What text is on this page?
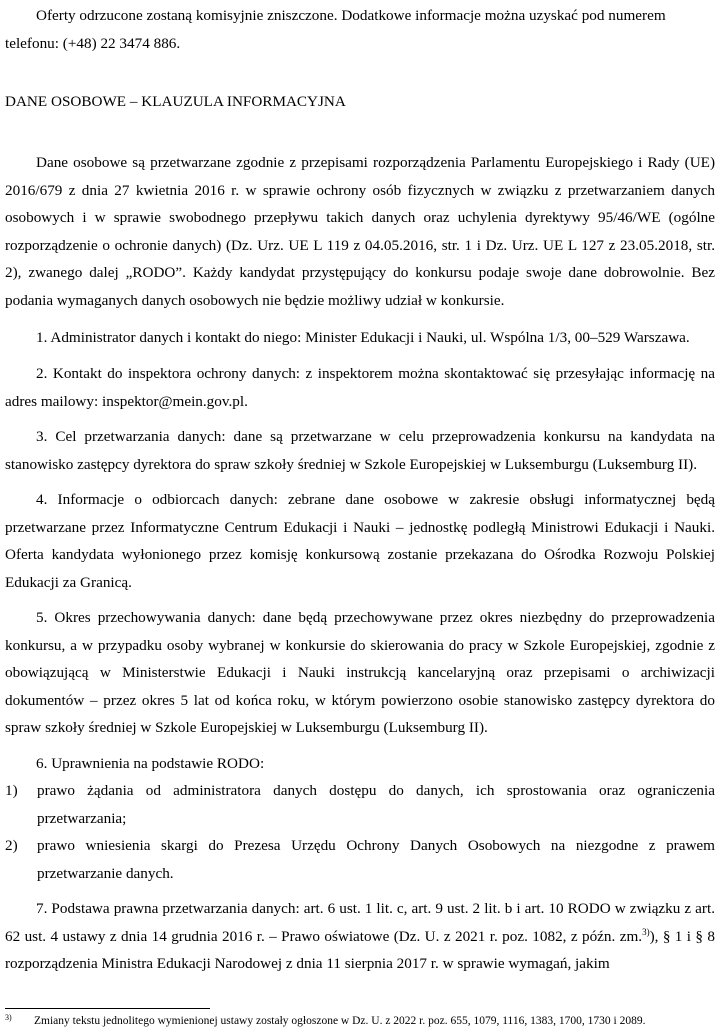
Oferty odrzucone zostaną komisyjnie zniszczone. Dodatkowe informacje można uzyskać pod numerem

telefonu: (+48) 22 3474 886.

DANE OSOBOWE – KLAUZULA INFORMACYJNA

Dane osobowe są przetwarzane zgodnie z przepisami rozporządzenia Parlamentu Europejskiego i Rady (UE) 2016/679 z dnia 27 kwietnia 2016 r. w sprawie ochrony osób fizycznych w związku z przetwarzaniem danych osobowych i w sprawie swobodnego przepływu takich danych oraz uchylenia dyrektywy 95/46/WE (ogólne rozporządzenie o ochronie danych) (Dz. Urz. UE L 119 z 04.05.2016, str. 1 i Dz. Urz. UE L 127 z 23.05.2018, str. 2), zwanego dalej „RODO”. Każdy kandydat przystępujący do konkursu podaje swoje dane dobrowolnie. Bez podania wymaganych danych osobowych nie będzie możliwy udział w konkursie.

1. Administrator danych i kontakt do niego: Minister Edukacji i Nauki, ul. Wspólna 1/3, 00–529 Warszawa.

2. Kontakt do inspektora ochrony danych: z inspektorem można skontaktować się przesyłając informację na adres mailowy: inspektor@mein.gov.pl.

3. Cel przetwarzania danych: dane są przetwarzane w celu przeprowadzenia konkursu na kandydata na stanowisko zastępcy dyrektora do spraw szkoły średniej w Szkole Europejskiej w Luksemburgu (Luksemburg II).

4. Informacje o odbiorcach danych: zebrane dane osobowe w zakresie obsługi informatycznej będą przetwarzane przez Informatyczne Centrum Edukacji i Nauki – jednostkę podległą Ministrowi Edukacji i Nauki. Oferta kandydata wyłonionego przez komisję konkursową zostanie przekazana do Ośrodka Rozwoju Polskiej Edukacji za Granicą.

5. Okres przechowywania danych: dane będą przechowywane przez okres niezbędny do przeprowadzenia konkursu, a w przypadku osoby wybranej w konkursie do skierowania do pracy w Szkole Europejskiej, zgodnie z obowiązującą w Ministerstwie Edukacji i Nauki instrukcją kancelaryjną oraz przepisami o archiwizacji dokumentów – przez okres 5 lat od końca roku, w którym powierzono osobie stanowisko zastępcy dyrektora do spraw szkoły średniej w Szkole Europejskiej w Luksemburgu (Luksemburg II).

6. Uprawnienia na podstawie RODO:

1) prawo żądania od administratora danych dostępu do danych, ich sprostowania oraz ograniczenia przetwarzania;
2) prawo wniesienia skargi do Prezesa Urzędu Ochrony Danych Osobowych na niezgodne z prawem przetwarzanie danych.

7. Podstawa prawna przetwarzania danych: art. 6 ust. 1 lit. c, art. 9 ust. 2 lit. b i art. 10 RODO w związku z art. 62 ust. 4 ustawy z dnia 14 grudnia 2016 r. – Prawo oświatowe (Dz. U. z 2021 r. poz. 1082, z późn. zm.$^{3)}$), § 1 i § 8 rozporządzenia Ministra Edukacji Narodowej z dnia 11 sierpnia 2017 r. w sprawie wymagań, jakim

3) Zmiany tekstu jednolitego wymienionej ustawy zostały ogłoszone w Dz. U. z 2022 r. poz. 655, 1079, 1116, 1383, 1700, 1730 i 2089.
